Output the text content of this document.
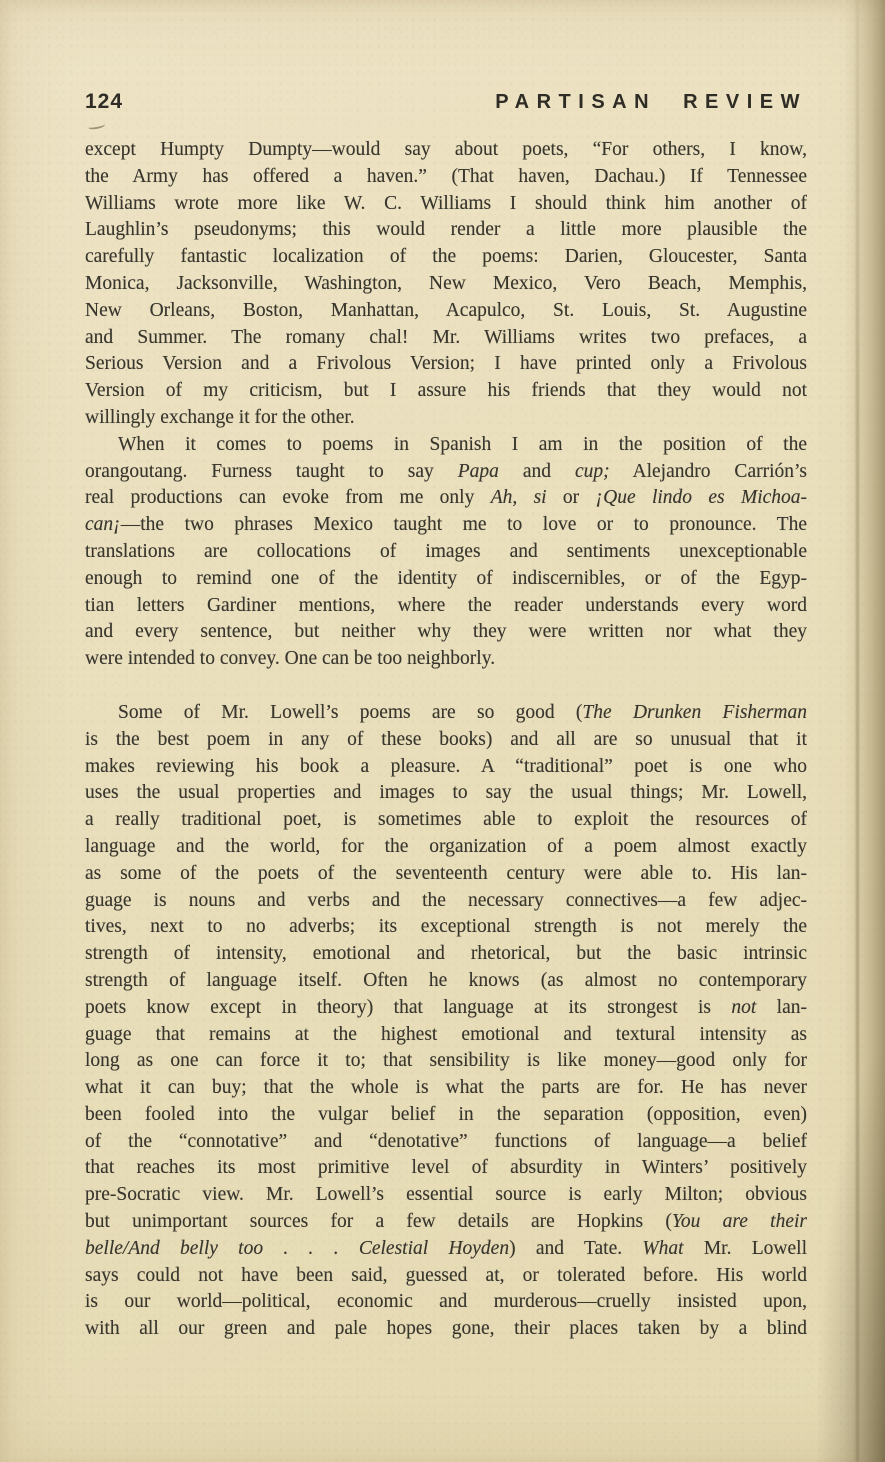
124	PARTISAN REVIEW
except Humpty Dumpty—would say about poets, “For others, I know,
the Army has offered a haven.” (That haven, Dachau.) If Tennessee
Williams wrote more like W. C. Williams I should think him another of
Laughlin’s pseudonyms; this would render a little more plausible the
carefully fantastic localization of the poems: Darien, Gloucester, Santa
Monica, Jacksonville, Washington, New Mexico, Vero Beach, Memphis,
New Orleans, Boston, Manhattan, Acapulco, St. Louis, St. Augustine
and Summer. The romany chal! Mr. Williams writes two prefaces, a
Serious Version and a Frivolous Version; I have printed only a Frivolous
Version of my criticism, but I assure his friends that they would not
willingly exchange it for the other.
When it comes to poems in Spanish I am in the position of the
orangoutang. Furness taught to say Papa and cup; Alejandro Carrión’s
real productions can evoke from me only Ah, si or ¡Que lindo es Michoa-
can¡—the two phrases Mexico taught me to love or to pronounce. The
translations are collocations of images and sentiments unexceptionable
enough to remind one of the identity of indiscernibles, or of the Egyp-
tian letters Gardiner mentions, where the reader understands every word
and every sentence, but neither why they were written nor what they
were intended to convey. One can be too neighborly.
Some of Mr. Lowell’s poems are so good (The Drunken Fisherman
is the best poem in any of these books) and all are so unusual that it
makes reviewing his book a pleasure. A “traditional” poet is one who
uses the usual properties and images to say the usual things; Mr. Lowell,
a really traditional poet, is sometimes able to exploit the resources of
language and the world, for the organization of a poem almost exactly
as some of the poets of the seventeenth century were able to. His lan-
guage is nouns and verbs and the necessary connectives—a few adjec-
tives, next to no adverbs; its exceptional strength is not merely the
strength of intensity, emotional and rhetorical, but the basic intrinsic
strength of language itself. Often he knows (as almost no contemporary
poets know except in theory) that language at its strongest is not lan-
guage that remains at the highest emotional and textural intensity as
long as one can force it to; that sensibility is like money—good only for
what it can buy; that the whole is what the parts are for. He has never
been fooled into the vulgar belief in the separation (opposition, even)
of the “connotative” and “denotative” functions of language—a belief
that reaches its most primitive level of absurdity in Winters’ positively
pre-Socratic view. Mr. Lowell’s essential source is early Milton; obvious
but unimportant sources for a few details are Hopkins (You are their
belle/And belly too . . . Celestial Hoyden) and Tate. What Mr. Lowell
says could not have been said, guessed at, or tolerated before. His world
is our world—political, economic and murderous—cruelly insisted upon,
with all our green and pale hopes gone, their places taken by a blind
